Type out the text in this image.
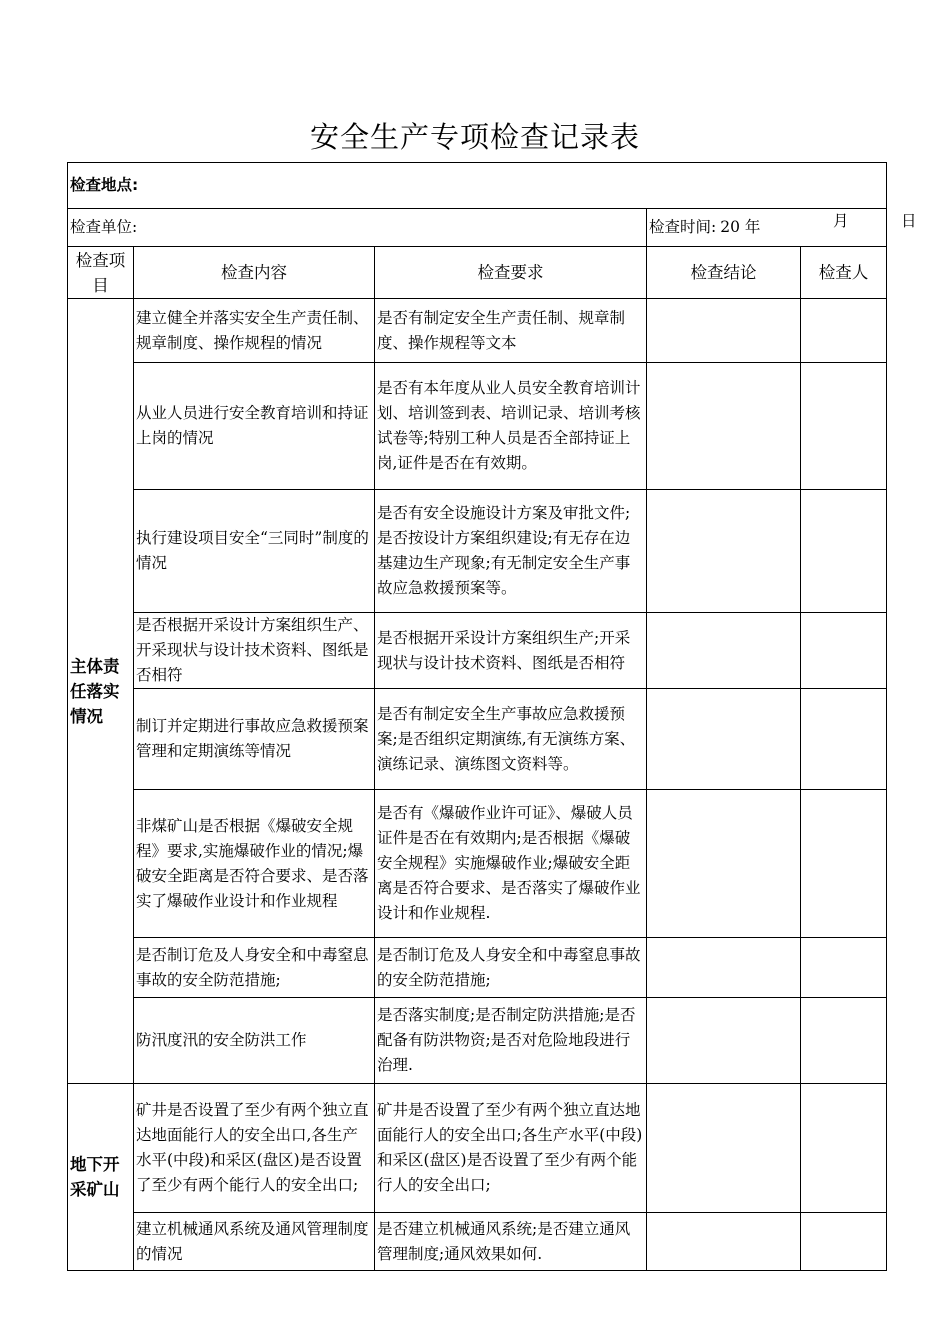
安全生产专项检查记录表
检查地点:				
检查单位:			检查时间: 20 年 月 日	

检查项目	检查内容	检查要求	检查结论	检查人
主体责任落实情况	建立健全并落实安全生产责任制、规章制度、操作规程的情况	是否有制定安全生产责任制、规章制度、操作规程等文本		
	从业人员进行安全教育培训和持证上岗的情况	是否有本年度从业人员安全教育培训计划、培训签到表、培训记录、培训考核试卷等;特别工种人员是否全部持证上岗,证件是否在有效期。		
	执行建设项目安全“三同时”制度的情况	是否有安全设施设计方案及审批文件;是否按设计方案组织建设;有无存在边基建边生产现象;有无制定安全生产事故应急救援预案等。		
	是否根据开采设计方案组织生产、开采现状与设计技术资料、图纸是否相符	是否根据开采设计方案组织生产;开采现状与设计技术资料、图纸是否相符		
	制订并定期进行事故应急救援预案管理和定期演练等情况	是否有制定安全生产事故应急救援预案;是否组织定期演练,有无演练方案、演练记录、演练图文资料等。		
	非煤矿山是否根据《爆破安全规程》要求,实施爆破作业的情况;爆破安全距离是否符合要求、是否落实了爆破作业设计和作业规程	是否有《爆破作业许可证》、爆破人员证件是否在有效期内;是否根据《爆破安全规程》实施爆破作业;爆破安全距离是否符合要求、是否落实了爆破作业设计和作业规程.		
	是否制订危及人身安全和中毒窒息事故的安全防范措施;	是否制订危及人身安全和中毒窒息事故的安全防范措施;		
	防汛度汛的安全防洪工作	是否落实制度;是否制定防洪措施;是否配备有防洪物资;是否对危险地段进行治理.		
地下开采矿山	矿井是否设置了至少有两个独立直达地面能行人的安全出口,各生产水平(中段)和采区(盘区)是否设置了至少有两个能行人的安全出口;	矿井是否设置了至少有两个独立直达地面能行人的安全出口;各生产水平(中段)和采区(盘区)是否设置了至少有两个能行人的安全出口;		
	建立机械通风系统及通风管理制度的情况	是否建立机械通风系统;是否建立通风管理制度;通风效果如何.		
